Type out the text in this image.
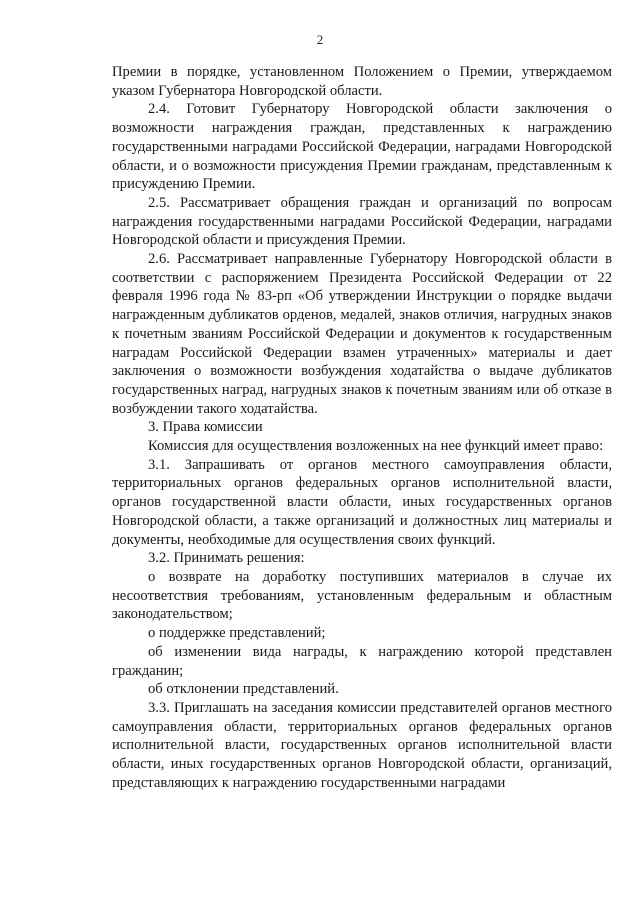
2

Премии в порядке, установленном Положением о Премии, утверждаемом указом Губернатора Новгородской области.

2.4. Готовит Губернатору Новгородской области заключения о возможности награждения граждан, представленных к награждению государственными наградами Российской Федерации, наградами Новгородской области, и о возможности присуждения Премии гражданам, представленным к присуждению Премии.

2.5. Рассматривает обращения граждан и организаций по вопросам награждения государственными наградами Российской Федерации, наградами Новгородской области и присуждения Премии.

2.6. Рассматривает направленные Губернатору Новгородской области в соответствии с распоряжением Президента Российской Федерации от 22 февраля 1996 года № 83-рп «Об утверждении Инструкции о порядке выдачи награжденным дубликатов орденов, медалей, знаков отличия, нагрудных знаков к почетным званиям Российской Федерации и документов к государственным наградам Российской Федерации взамен утраченных» материалы и дает заключения о возможности возбуждения ходатайства о выдаче дубликатов государственных наград, нагрудных знаков к почетным званиям или об отказе в возбуждении такого ходатайства.

3. Права комиссии

Комиссия для осуществления возложенных на нее функций имеет право:

3.1. Запрашивать от органов местного самоуправления области, территориальных органов федеральных органов исполнительной власти, органов государственной власти области, иных государственных органов Новгородской области, а также организаций и должностных лиц материалы и документы, необходимые для осуществления своих функций.

3.2. Принимать решения:

о возврате на доработку поступивших материалов в случае их несоответствия требованиям, установленным федеральным и областным законодательством;

о поддержке представлений;

об изменении вида награды, к награждению которой представлен гражданин;

об отклонении представлений.

3.3. Приглашать на заседания комиссии представителей органов местного самоуправления области, территориальных органов федеральных органов исполнительной власти, государственных органов исполнительной власти области, иных государственных органов Новгородской области, организаций, представляющих к награждению государственными наградами
